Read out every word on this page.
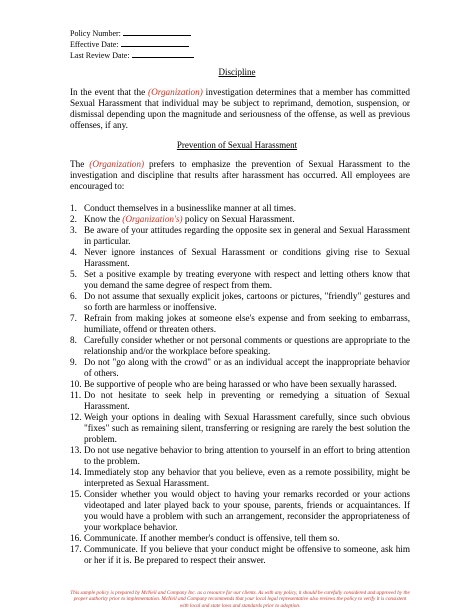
Policy Number:
Effective Date:
Last Review Date:
Discipline
In the event that the (Organization) investigation determines that a member has committed Sexual Harassment that individual may be subject to reprimand, demotion, suspension, or dismissal depending upon the magnitude and seriousness of the offense, as well as previous offenses, if any.
Prevention of Sexual Harassment
The (Organization) prefers to emphasize the prevention of Sexual Harassment to the investigation and discipline that results after harassment has occurred. All employees are encouraged to:
1. Conduct themselves in a businesslike manner at all times.
2. Know the (Organization's) policy on Sexual Harassment.
3. Be aware of your attitudes regarding the opposite sex in general and Sexual Harassment in particular.
4. Never ignore instances of Sexual Harassment or conditions giving rise to Sexual Harassment.
5. Set a positive example by treating everyone with respect and letting others know that you demand the same degree of respect from them.
6. Do not assume that sexually explicit jokes, cartoons or pictures, "friendly" gestures and so forth are harmless or inoffensive.
7. Refrain from making jokes at someone else's expense and from seeking to embarrass, humiliate, offend or threaten others.
8. Carefully consider whether or not personal comments or questions are appropriate to the relationship and/or the workplace before speaking.
9. Do not "go along with the crowd" or as an individual accept the inappropriate behavior of others.
10. Be supportive of people who are being harassed or who have been sexually harassed.
11. Do not hesitate to seek help in preventing or remedying a situation of Sexual Harassment.
12. Weigh your options in dealing with Sexual Harassment carefully, since such obvious "fixes" such as remaining silent, transferring or resigning are rarely the best solution the problem.
13. Do not use negative behavior to bring attention to yourself in an effort to bring attention to the problem.
14. Immediately stop any behavior that you believe, even as a remote possibility, might be interpreted as Sexual Harassment.
15. Consider whether you would object to having your remarks recorded or your actions videotaped and later played back to your spouse, parents, friends or acquaintances. If you would have a problem with such an arrangement, reconsider the appropriateness of your workplace behavior.
16. Communicate. If another member's conduct is offensive, tell them so.
17. Communicate. If you believe that your conduct might be offensive to someone, ask him or her if it is. Be prepared to respect their answer.
This sample policy is prepared by McNeil and Company Inc. as a resource for our clients. As with any policy, it should be carefully considered and approved by the proper authority prior to implementation. McNeil and Company recommends that your local legal representative also reviews the policy to verify it is consistent with local and state laws and standards prior to adoption.
